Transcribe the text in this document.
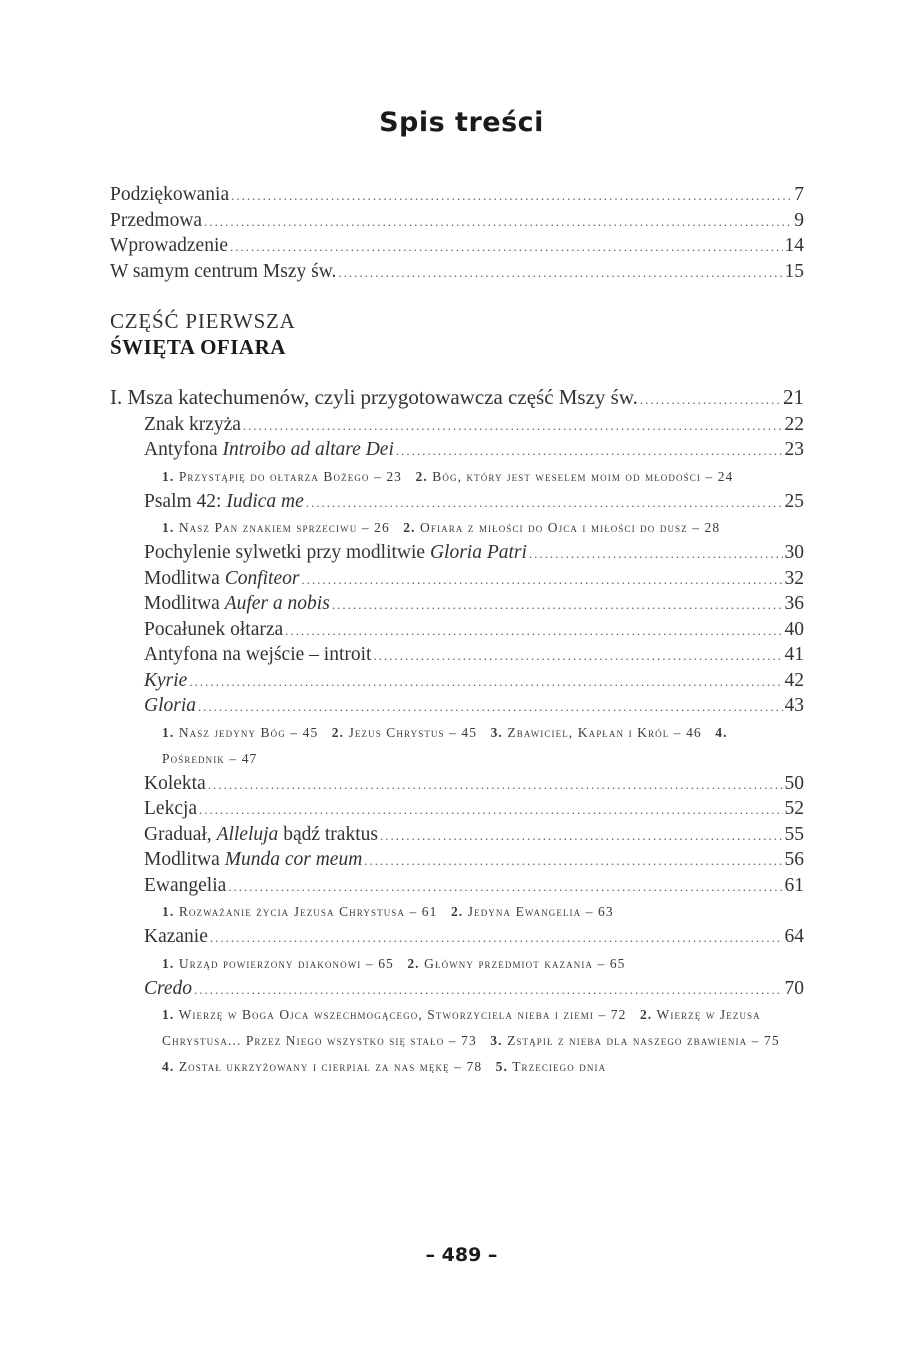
Spis treści
Podziękowania .....	7
Przedmowa .....	9
Wprowadzenie .....	14
W samym centrum Mszy św. .....	15
CZĘŚĆ PIERWSZA
ŚWIĘTA OFIARA
I. Msza katechumenów, czyli przygotowawcza część Mszy św. .....	21
Znak krzyża .....	22
Antyfona Introibo ad altare Dei .....	23
1. Przystąpię do ołtarza Bożego – 23 2. Bóg, który jest weselem moim od młodości – 24
Psalm 42: Iudica me .....	25
1. Nasz Pan znakiem sprzeciwu – 26 2. Ofiara z miłości do Ojca i miłości do dusz – 28
Pochylenie sylwetki przy modlitwie Gloria Patri .....	30
Modlitwa Confiteor .....	32
Modlitwa Aufer a nobis .....	36
Pocałunek ołtarza .....	40
Antyfona na wejście – introit .....	41
Kyrie .....	42
Gloria .....	43
1. Nasz jedyny Bóg – 45 2. Jezus Chrystus – 45 3. Zbawiciel, Kapłan i Król – 46 4. Pośrednik – 47
Kolekta .....	50
Lekcja .....	52
Graduał, Alleluja bądź traktus .....	55
Modlitwa Munda cor meum .....	56
Ewangelia .....	61
1. Rozważanie życia Jezusa Chrystusa – 61 2. Jedyna Ewangelia – 63
Kazanie .....	64
1. Urząd powierzony diakonowi – 65 2. Główny przedmiot kazania – 65
Credo .....	70
1. Wierzę w Boga Ojca wszechmogącego, Stworzyciela nieba i ziemi – 72 2. Wierzę w Jezusa Chrystusa... Przez Niego wszystko się stało – 73 3. Zstąpił z nieba dla naszego zbawienia – 75   4. Został ukrzyżowany i cierpiał za nas mękę – 78 5. Trzeciego dnia
– 489 –
